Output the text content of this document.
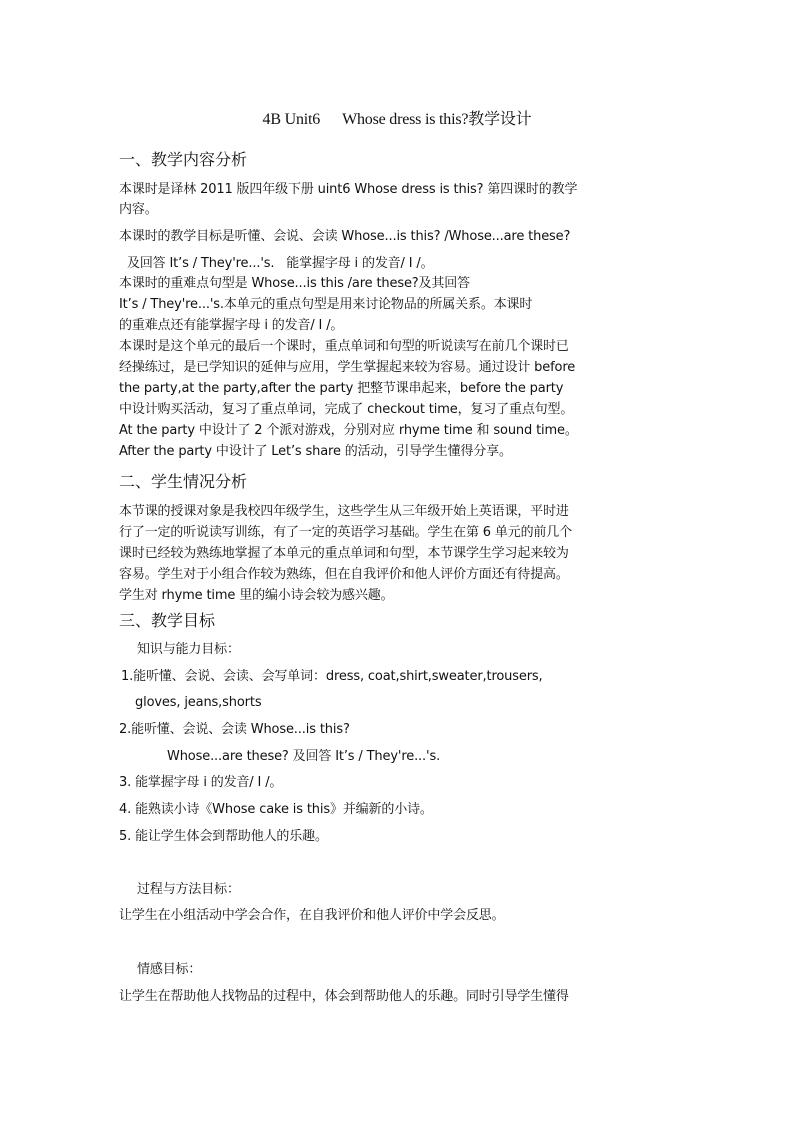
4B Unit6 Whose dress is this?教学设计
一、教学内容分析
本课时是译林 2011 版四年级下册 uint6 Whose dress is this? 第四课时的教学
内容。
本课时的教学目标是听懂、会说、会读 Whose...is this? /Whose...are these?
及回答 It’s / They're...'s.   能掌握字母 i 的发音/ I /。
本课时的重难点句型是 Whose...is this /are these?及其回答
It’s / They're...'s.本单元的重点句型是用来讨论物品的所属关系。本课时
的重难点还有能掌握字母 i 的发音/ I /。
本课时是这个单元的最后一个课时，重点单词和句型的听说读写在前几个课时已
经操练过，是已学知识的延伸与应用，学生掌握起来较为容易。通过设计 before
the party,at the party,after the party 把整节课串起来，before the party
中设计购买活动，复习了重点单词，完成了 checkout time，复习了重点句型。
At the party 中设计了 2 个派对游戏，分别对应 rhyme time 和 sound time。
After the party 中设计了 Let’s share 的活动，引导学生懂得分享。
二、学生情况分析
本节课的授课对象是我校四年级学生，这些学生从三年级开始上英语课，平时进
行了一定的听说读写训练，有了一定的英语学习基础。学生在第 6 单元的前几个
课时已经较为熟练地掌握了本单元的重点单词和句型，本节课学生学习起来较为
容易。学生对于小组合作较为熟练，但在自我评价和他人评价方面还有待提高。
学生对 rhyme time 里的编小诗会较为感兴趣。
三、教学目标
知识与能力目标：
1.能听懂、会说、会读、会写单词：dress, coat,shirt,sweater,trousers,
gloves, jeans,shorts
2.能听懂、会说、会读 Whose...is this?
Whose...are these? 及回答 It’s / They're...'s.
3. 能掌握字母 i 的发音/ I /。
4. 能熟读小诗《Whose cake is this》并编新的小诗。
5. 能让学生体会到帮助他人的乐趣。
过程与方法目标：
让学生在小组活动中学会合作，在自我评价和他人评价中学会反思。
情感目标：
让学生在帮助他人找物品的过程中，体会到帮助他人的乐趣。同时引导学生懂得
